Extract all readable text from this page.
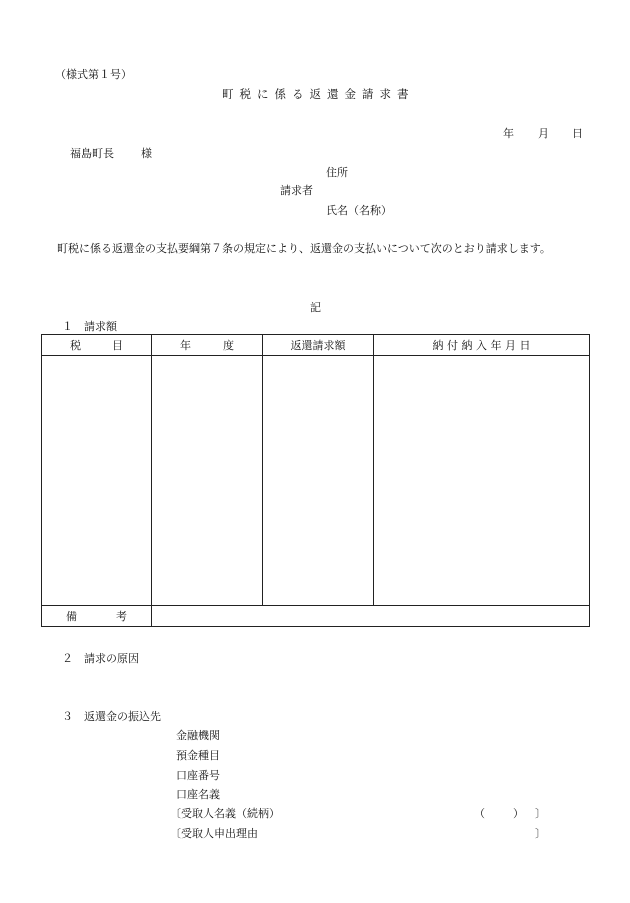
（様式第１号）
町税に係る返還金請求書
年 月 日
福島町長 様
住所
請求者
氏名（名称）
町税に係る返還金の支払要綱第７条の規定により、返還金の支払いについて次のとおり請求します。
記
１　請求額
税 目	年 度	返還請求額	納 付 納 入 年 月 日

備 考			

２　請求の原因
３　返還金の振込先
金融機関
預金種目
口座番号
口座名義
〔受取人名義（続柄）	（	） 〕
〔受取人申出理由	〕
